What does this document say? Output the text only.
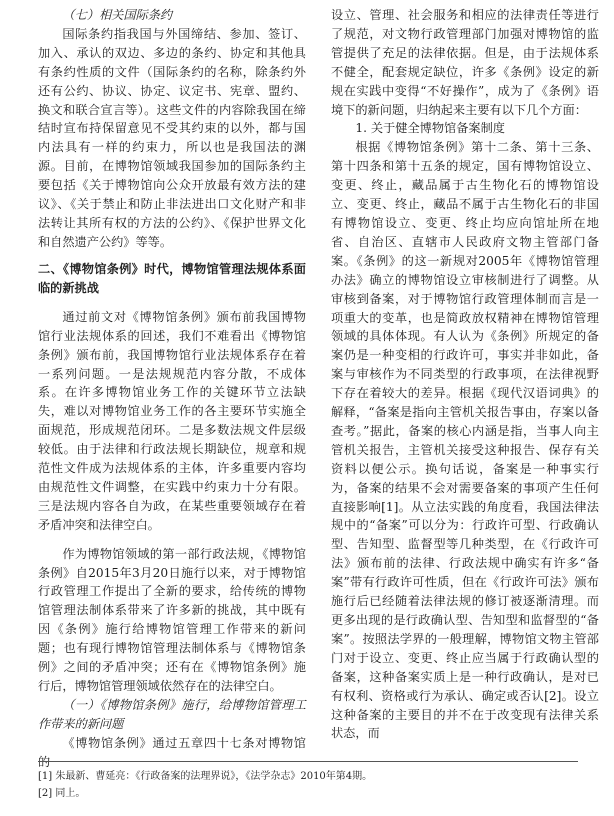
（七）相关国际条约

国际条约指我国与外国缔结、参加、签订、加入、承认的双边、多边的条约、协定和其他具有条约性质的文件（国际条约的名称，除条约外还有公约、协议、协定、议定书、宪章、盟约、换文和联合宣言等）。这些文件的内容除我国在缔结时宣布持保留意见不受其约束的以外，都与国内法具有一样的约束力，所以也是我国法的渊源。目前，在博物馆领域我国参加的国际条约主要包括《关于博物馆向公众开放最有效方法的建议》、《关于禁止和防止非法进出口文化财产和非法转让其所有权的方法的公约》、《保护世界文化和自然遗产公约》等等。

二、《博物馆条例》时代，博物馆管理法规体系面临的新挑战

通过前文对《博物馆条例》颁布前我国博物馆行业法规体系的回述，我们不难看出《博物馆条例》颁布前，我国博物馆行业法规体系存在着一系列问题。一是法规规范内容分散，不成体系。在许多博物馆业务工作的关键环节立法缺失，难以对博物馆业务工作的各主要环节实施全面规范，形成规范闭环。二是多数法规文件层级较低。由于法律和行政法规长期缺位，规章和规范性文件成为法规体系的主体，许多重要内容均由规范性文件调整，在实践中约束力十分有限。三是法规内容各自为政，在某些重要领域存在着矛盾冲突和法律空白。

作为博物馆领域的第一部行政法规，《博物馆条例》自2015年3月20日施行以来，对于博物馆行政管理工作提出了全新的要求，给传统的博物馆管理法制体系带来了许多新的挑战，其中既有因《条例》施行给博物馆管理工作带来的新问题；也有现行博物馆管理法制体系与《博物馆条例》之间的矛盾冲突；还有在《博物馆条例》施行后，博物馆管理领域依然存在的法律空白。

（一）《博物馆条例》施行，给博物馆管理工作带来的新问题

《博物馆条例》通过五章四十七条对博物馆的

设立、管理、社会服务和相应的法律责任等进行了规范，对文物行政管理部门加强对博物馆的监管提供了充足的法律依据。但是，由于法规体系不健全，配套规定缺位，许多《条例》设定的新规在实践中变得“不好操作”，成为了《条例》语境下的新问题，归纳起来主要有以下几个方面：

1. 关于健全博物馆备案制度

根据《博物馆条例》第十二条、第十三条、第十四条和第十五条的规定，国有博物馆设立、变更、终止，藏品属于古生物化石的博物馆设立、变更、终止，藏品不属于古生物化石的非国有博物馆设立、变更、终止均应向馆址所在地省、自治区、直辖市人民政府文物主管部门备案。《条例》的这一新规对2005年《博物馆管理办法》确立的博物馆设立审核制进行了调整。从审核到备案，对于博物馆行政管理体制而言是一项重大的变革，也是简政放权精神在博物馆管理领域的具体体现。有人认为《条例》所规定的备案仍是一种变相的行政许可，事实并非如此，备案与审核作为不同类型的行政事项，在法律视野下存在着较大的差异。根据《现代汉语词典》的解释，“备案是指向主管机关报告事由，存案以备查考。”据此，备案的核心内涵是指，当事人向主管机关报告，主管机关接受这种报告、保存有关资料以便公示。换句话说，备案是一种事实行为，备案的结果不会对需要备案的事项产生任何直接影响[1]。从立法实践的角度看，我国法律法规中的“备案”可以分为：行政许可型、行政确认型、告知型、监督型等几种类型，在《行政许可法》颁布前的法律、行政法规中确实有许多“备案”带有行政许可性质，但在《行政许可法》颁布施行后已经随着法律法规的修订被逐渐清理。而更多出现的是行政确认型、告知型和监督型的“备案”。按照法学界的一般理解，博物馆文物主管部门对于设立、变更、终止应当属于行政确认型的备案，这种备案实质上是一种行政确认，是对已有权利、资格或行为承认、确定或否认[2]。设立这种备案的主要目的并不在于改变现有法律关系状态，而

[1] 朱最新、曹延亮：《行政备案的法理界说》，《法学杂志》2010年第4期。

[2] 同上。
